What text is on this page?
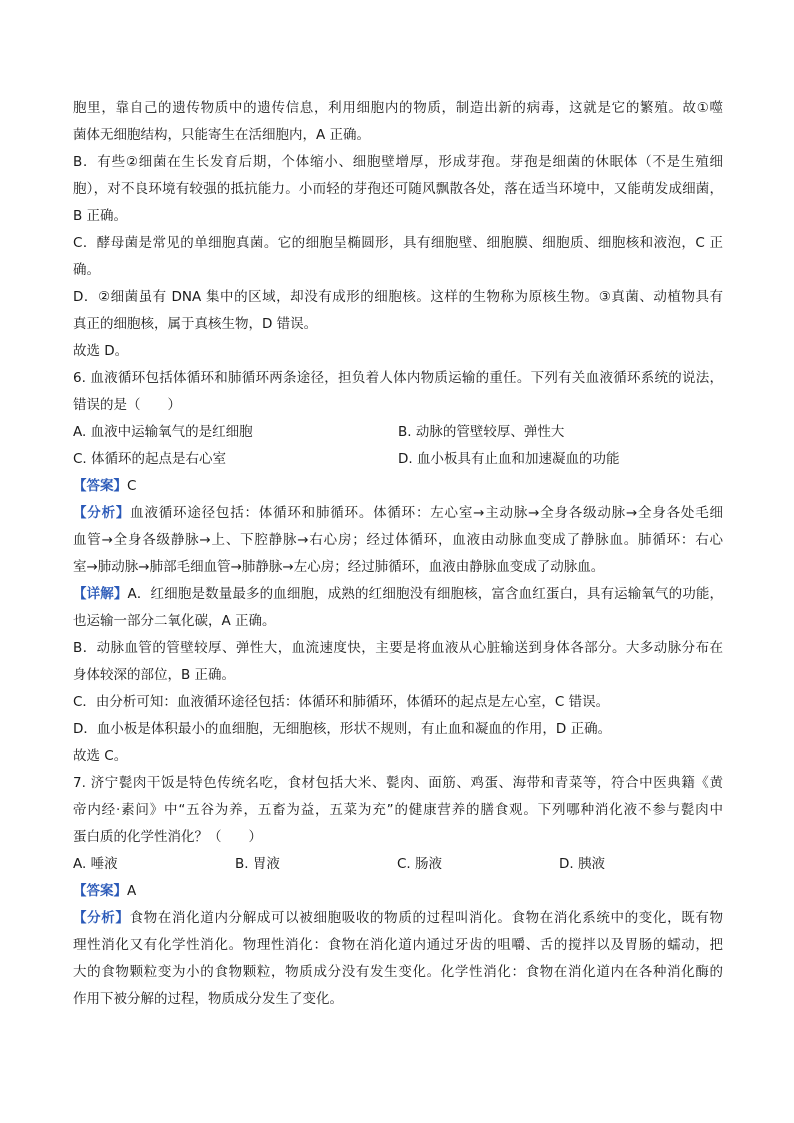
胞里，靠自己的遗传物质中的遗传信息，利用细胞内的物质，制造出新的病毒，这就是它的繁殖。故①噬
菌体无细胞结构，只能寄生在活细胞内，A 正确。
B．有些②细菌在生长发育后期，个体缩小、细胞壁增厚，形成芽孢。芽孢是细菌的休眠体（不是生殖细
胞），对不良环境有较强的抵抗能力。小而轻的芽孢还可随风飘散各处，落在适当环境中，又能萌发成细菌，
B 正确。
C．酵母菌是常见的单细胞真菌。它的细胞呈椭圆形，具有细胞壁、细胞膜、细胞质、细胞核和液泡，C 正
确。
D．②细菌虽有 DNA 集中的区域，却没有成形的细胞核。这样的生物称为原核生物。③真菌、动植物具有
真正的细胞核，属于真核生物，D 错误。
故选 D。
6. 血液循环包括体循环和肺循环两条途径，担负着人体内物质运输的重任。下列有关血液循环系统的说法，
错误的是（　　）
A. 血液中运输氧气的是红细胞	B. 动脉的管壁较厚、弹性大
C. 体循环的起点是右心室	D. 血小板具有止血和加速凝血的功能
【答案】C
【分析】血液循环途径包括：体循环和肺循环。体循环：左心室→主动脉→全身各级动脉→全身各处毛细
血管→全身各级静脉→上、下腔静脉→右心房；经过体循环，血液由动脉血变成了静脉血。肺循环：右心
室→肺动脉→肺部毛细血管→肺静脉→左心房；经过肺循环，血液由静脉血变成了动脉血。
【详解】A．红细胞是数量最多的血细胞，成熟的红细胞没有细胞核，富含血红蛋白，具有运输氧气的功能，
也运输一部分二氧化碳，A 正确。
B．动脉血管的管壁较厚、弹性大，血流速度快，主要是将血液从心脏输送到身体各部分。大多动脉分布在
身体较深的部位，B 正确。
C．由分析可知：血液循环途径包括：体循环和肺循环，体循环的起点是左心室，C 错误。
D．血小板是体积最小的血细胞，无细胞核，形状不规则，有止血和凝血的作用，D 正确。
故选 C。
7. 济宁甏肉干饭是特色传统名吃，食材包括大米、甏肉、面筋、鸡蛋、海带和青菜等，符合中医典籍《黄
帝内经·素问》中“五谷为养，五畜为益，五菜为充”的健康营养的膳食观。下列哪种消化液不参与甏肉中
蛋白质的化学性消化？（　　）
A. 唾液	B. 胃液	C. 肠液	D. 胰液
【答案】A
【分析】食物在消化道内分解成可以被细胞吸收的物质的过程叫消化。食物在消化系统中的变化，既有物
理性消化又有化学性消化。物理性消化：食物在消化道内通过牙齿的咀嚼、舌的搅拌以及胃肠的蠕动，把
大的食物颗粒变为小的食物颗粒，物质成分没有发生变化。化学性消化：食物在消化道内在各种消化酶的
作用下被分解的过程，物质成分发生了变化。
